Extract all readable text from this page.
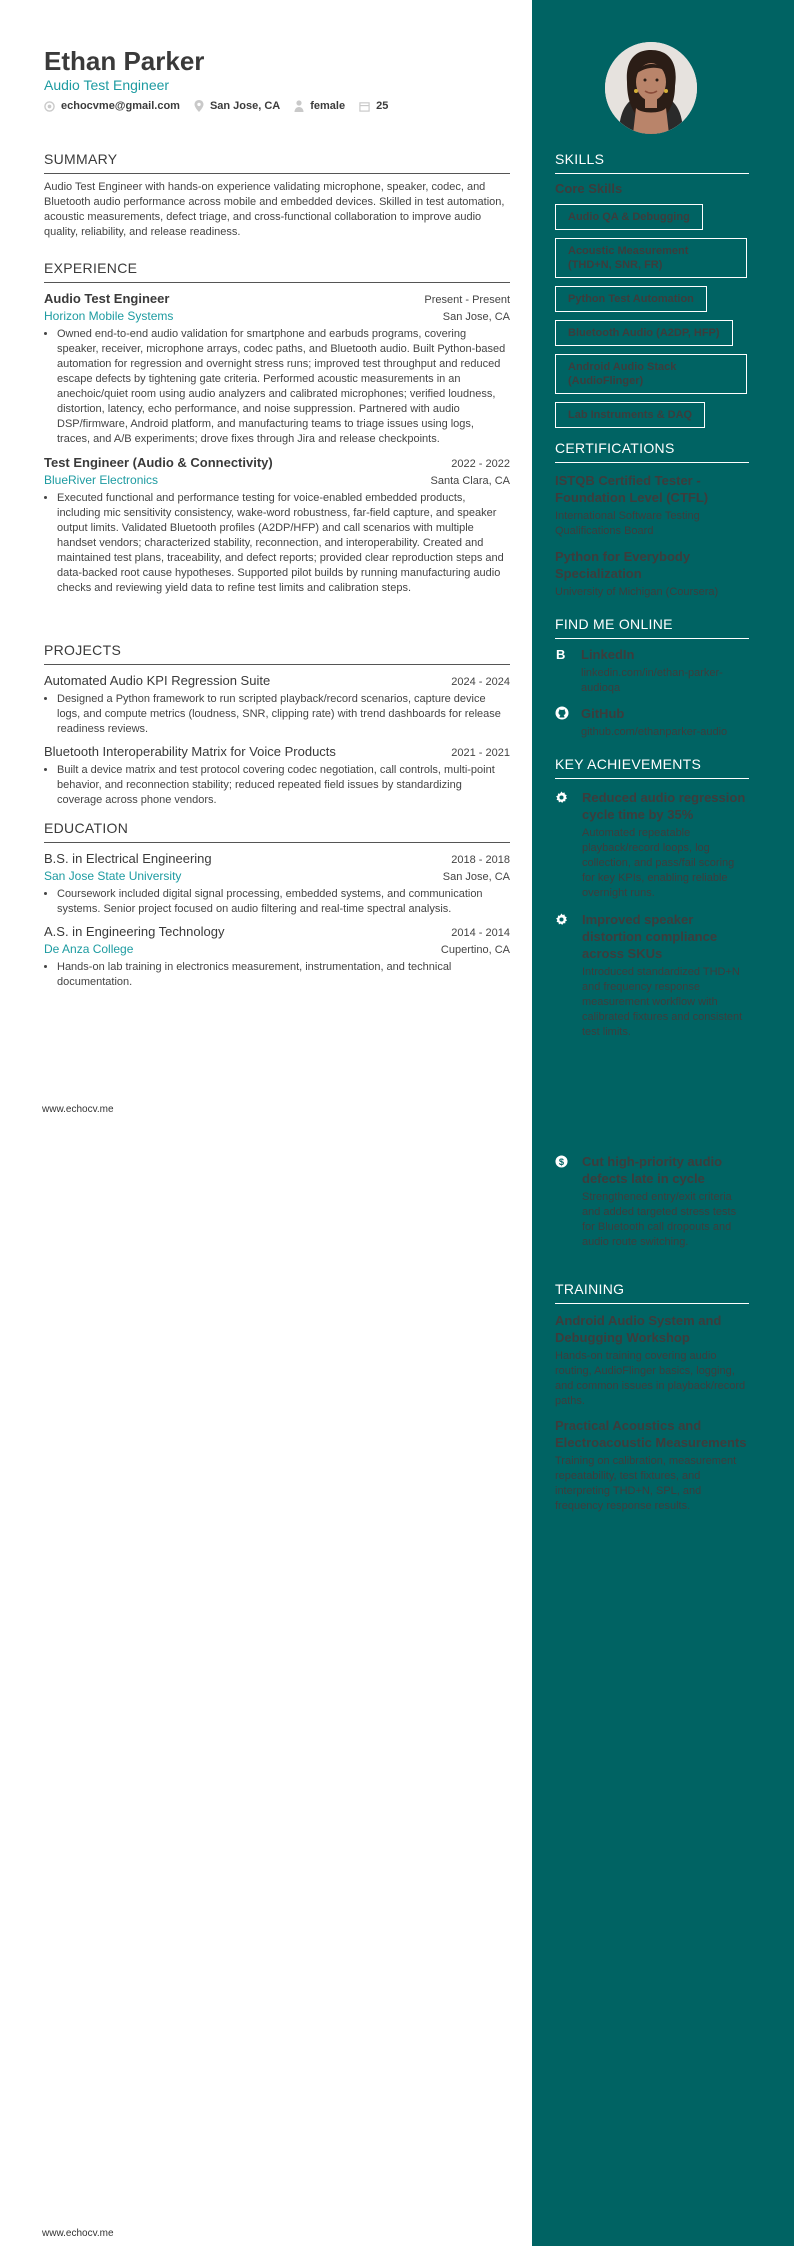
Ethan Parker
Audio Test Engineer
echocvme@gmail.com	San Jose, CA	female	25
SUMMARY
Audio Test Engineer with hands-on experience validating microphone, speaker, codec, and Bluetooth audio performance across mobile and embedded devices. Skilled in test automation, acoustic measurements, defect triage, and cross-functional collaboration to improve audio quality, reliability, and release readiness.
EXPERIENCE
Audio Test Engineer	Present - Present
Horizon Mobile Systems	San Jose, CA
• Owned end-to-end audio validation for smartphone and earbuds programs, covering speaker, receiver, microphone arrays, codec paths, and Bluetooth audio. Built Python-based automation for regression and overnight stress runs; improved test throughput and reduced escape defects by tightening gate criteria. Performed acoustic measurements in an anechoic/quiet room using audio analyzers and calibrated microphones; verified loudness, distortion, latency, echo performance, and noise suppression. Partnered with audio DSP/firmware, Android platform, and manufacturing teams to triage issues using logs, traces, and A/B experiments; drove fixes through Jira and release checkpoints.
Test Engineer (Audio & Connectivity)	2022 - 2022
BlueRiver Electronics	Santa Clara, CA
• Executed functional and performance testing for voice-enabled embedded products, including mic sensitivity consistency, wake-word robustness, far-field capture, and speaker output limits. Validated Bluetooth profiles (A2DP/HFP) and call scenarios with multiple handset vendors; characterized stability, reconnection, and interoperability. Created and maintained test plans, traceability, and defect reports; provided clear reproduction steps and data-backed root cause hypotheses. Supported pilot builds by running manufacturing audio checks and reviewing yield data to refine test limits and calibration steps.
PROJECTS
Automated Audio KPI Regression Suite	2024 - 2024
• Designed a Python framework to run scripted playback/record scenarios, capture device logs, and compute metrics (loudness, SNR, clipping rate) with trend dashboards for release readiness reviews.
Bluetooth Interoperability Matrix for Voice Products	2021 - 2021
• Built a device matrix and test protocol covering codec negotiation, call controls, multi-point behavior, and reconnection stability; reduced repeated field issues by standardizing coverage across phone vendors.
EDUCATION
B.S. in Electrical Engineering	2018 - 2018
San Jose State University	San Jose, CA
• Coursework included digital signal processing, embedded systems, and communication systems. Senior project focused on audio filtering and real-time spectral analysis.
A.S. in Engineering Technology	2014 - 2014
De Anza College	Cupertino, CA
• Hands-on lab training in electronics measurement, instrumentation, and technical documentation.
www.echocv.me
www.echocv.me
SKILLS
Core Skills
Audio QA & Debugging
Acoustic Measurement (THD+N, SNR, FR)
Python Test Automation
Bluetooth Audio (A2DP, HFP)
Android Audio Stack (AudioFlinger)
Lab Instruments & DAQ
CERTIFICATIONS
ISTQB Certified Tester - Foundation Level (CTFL)
International Software Testing Qualifications Board
Python for Everybody Specialization
University of Michigan (Coursera)
FIND ME ONLINE
B LinkedIn
linkedin.com/in/ethan-parker-audioqa
GitHub
github.com/ethanparker-audio
KEY ACHIEVEMENTS
Reduced audio regression cycle time by 35%
Automated repeatable playback/record loops, log collection, and pass/fail scoring for key KPIs, enabling reliable overnight runs.
Improved speaker distortion compliance across SKUs
Introduced standardized THD+N and frequency response measurement workflow with calibrated fixtures and consistent test limits.
$ Cut high-priority audio defects late in cycle
Strengthened entry/exit criteria and added targeted stress tests for Bluetooth call dropouts and audio route switching.
TRAINING
Android Audio System and Debugging Workshop
Hands-on training covering audio routing, AudioFlinger basics, logging, and common issues in playback/record paths.
Practical Acoustics and Electroacoustic Measurements
Training on calibration, measurement repeatability, test fixtures, and interpreting THD+N, SPL, and frequency response results.
